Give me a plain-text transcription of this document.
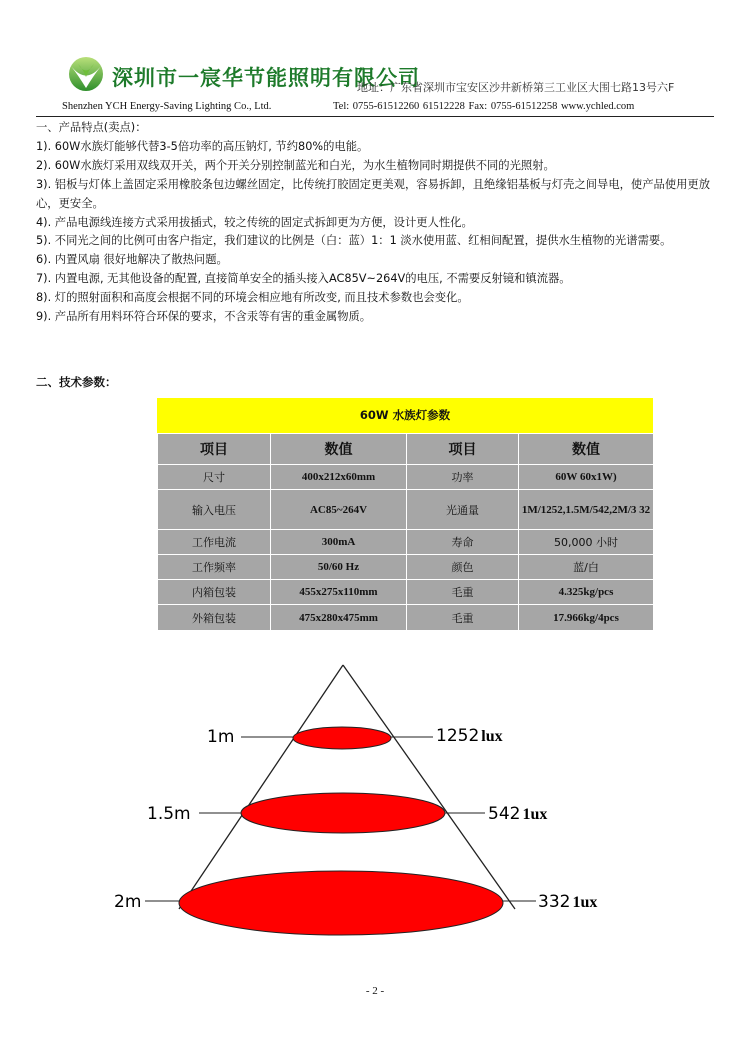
深圳市一宸华节能照明有限公司
地址：广东省深圳市宝安区沙井新桥第三工业区大围七路13号六F
Shenzhen YCH Energy-Saving Lighting Co., Ltd.	Tel: 0755-61512260 61512228 Fax: 0755-61512258 www.ychled.com
一、产品特点(卖点)：
1). 60W水族灯能够代替3-5倍功率的高压钠灯, 节约80%的电能。
2). 60W水族灯采用双线双开关，两个开关分别控制蓝光和白光，为水生植物同时期提供不同的光照射。
3). 铝板与灯体上盖固定采用橡胶条包边螺丝固定，比传统打胶固定更美观，容易拆卸，且绝缘铝基板与灯壳之间导电，使产品使用更放心，更安全。
4). 产品电源线连接方式采用拔插式，较之传统的固定式拆卸更为方便，设计更人性化。
5). 不同光之间的比例可由客户指定，我们建议的比例是（白：蓝）1：1 淡水使用蓝、红相间配置，提供水生植物的光谱需要。
6). 内置风扇 很好地解决了散热问题。
7). 内置电源, 无其他设备的配置, 直接简单安全的插头接入AC85V~264V的电压, 不需要反射镜和镇流器。
8). 灯的照射面积和高度会根据不同的环境会相应地有所改变, 而且技术参数也会变化。
9). 产品所有用料环符合环保的要求，不含汞等有害的重金属物质。
二、技术参数：
60W 水族灯参数
项目	数值	项目	数值
尺寸	400x212x60mm	功率	60W 60x1W)
输入电压	AC85~264V	光通量	1M/1252,1.5M/542,2M/3 32
工作电流	300mA	寿命	50,000 小时
工作频率	50/60 Hz	颜色	蓝/白
内箱包装	455x275x110mm	毛重	4.325kg/pcs
外箱包装	475x280x475mm	毛重	17.966kg/4pcs
1m	1252 lux
1.5m	542 1ux
2m	332 1ux
- 2 -
